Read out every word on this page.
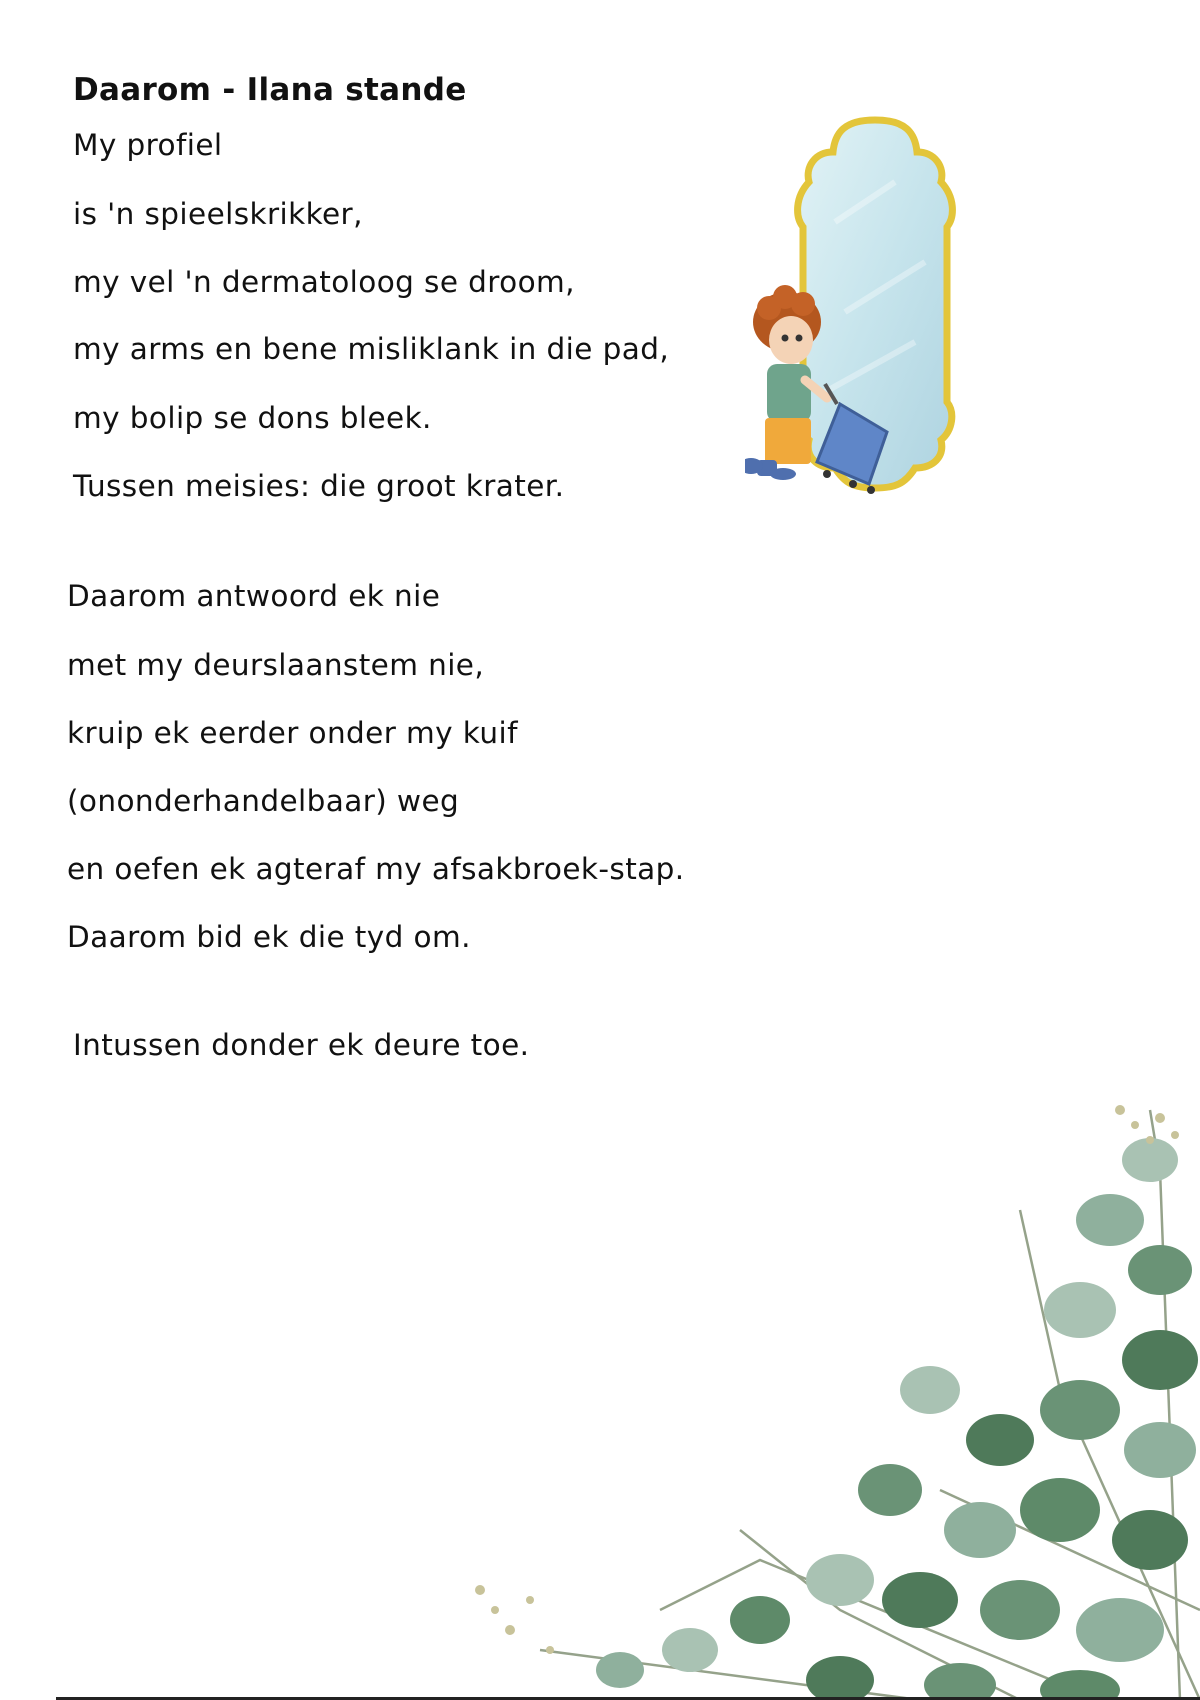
Daarom - Ilana stande
My profiel
is 'n spieelskrikker,
my vel 'n dermatoloog se droom,
my arms en bene misliklank in die pad,
my bolip se dons bleek.
Tussen meisies: die groot krater.
Daarom antwoord ek nie
met my deurslaanstem nie,
kruip ek eerder onder my kuif
(ononderhandelbaar) weg
en oefen ek agteraf my afsakbroek-stap.
Daarom bid ek die tyd om.
Intussen donder ek deure toe.
